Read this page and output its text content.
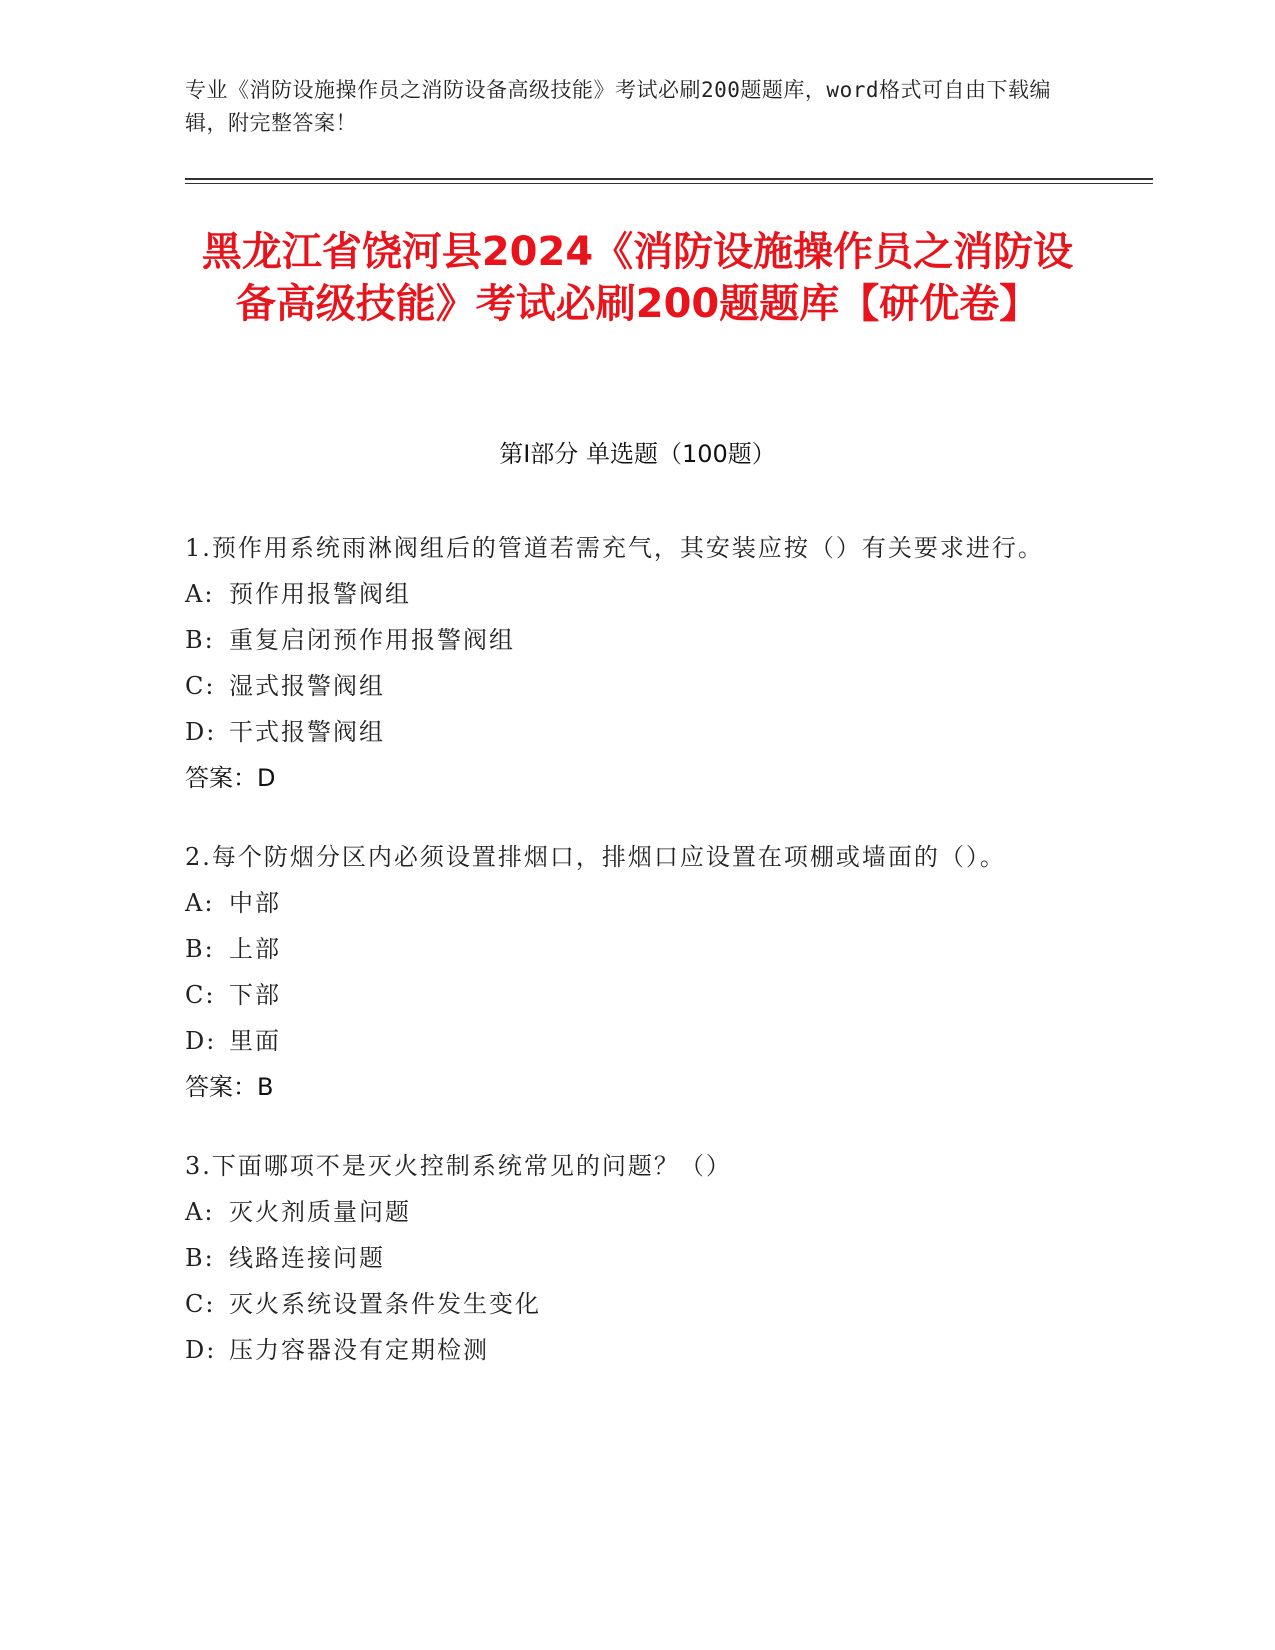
专业《消防设施操作员之消防设备高级技能》考试必刷200题题库，word格式可自由下载编辑，附完整答案！
黑龙江省饶河县2024《消防设施操作员之消防设备高级技能》考试必刷200题题库【研优卷】
第Ⅰ部分 单选题（100题）
1.预作用系统雨淋阀组后的管道若需充气，其安装应按（）有关要求进行。
A: 预作用报警阀组
B: 重复启闭预作用报警阀组
C: 湿式报警阀组
D: 干式报警阀组
答案：D
2.每个防烟分区内必须设置排烟口，排烟口应设置在项棚或墙面的（）。
A: 中部
B: 上部
C: 下部
D: 里面
答案：B
3.下面哪项不是灭火控制系统常见的问题？（）
A: 灭火剂质量问题
B: 线路连接问题
C: 灭火系统设置条件发生变化
D: 压力容器没有定期检测
